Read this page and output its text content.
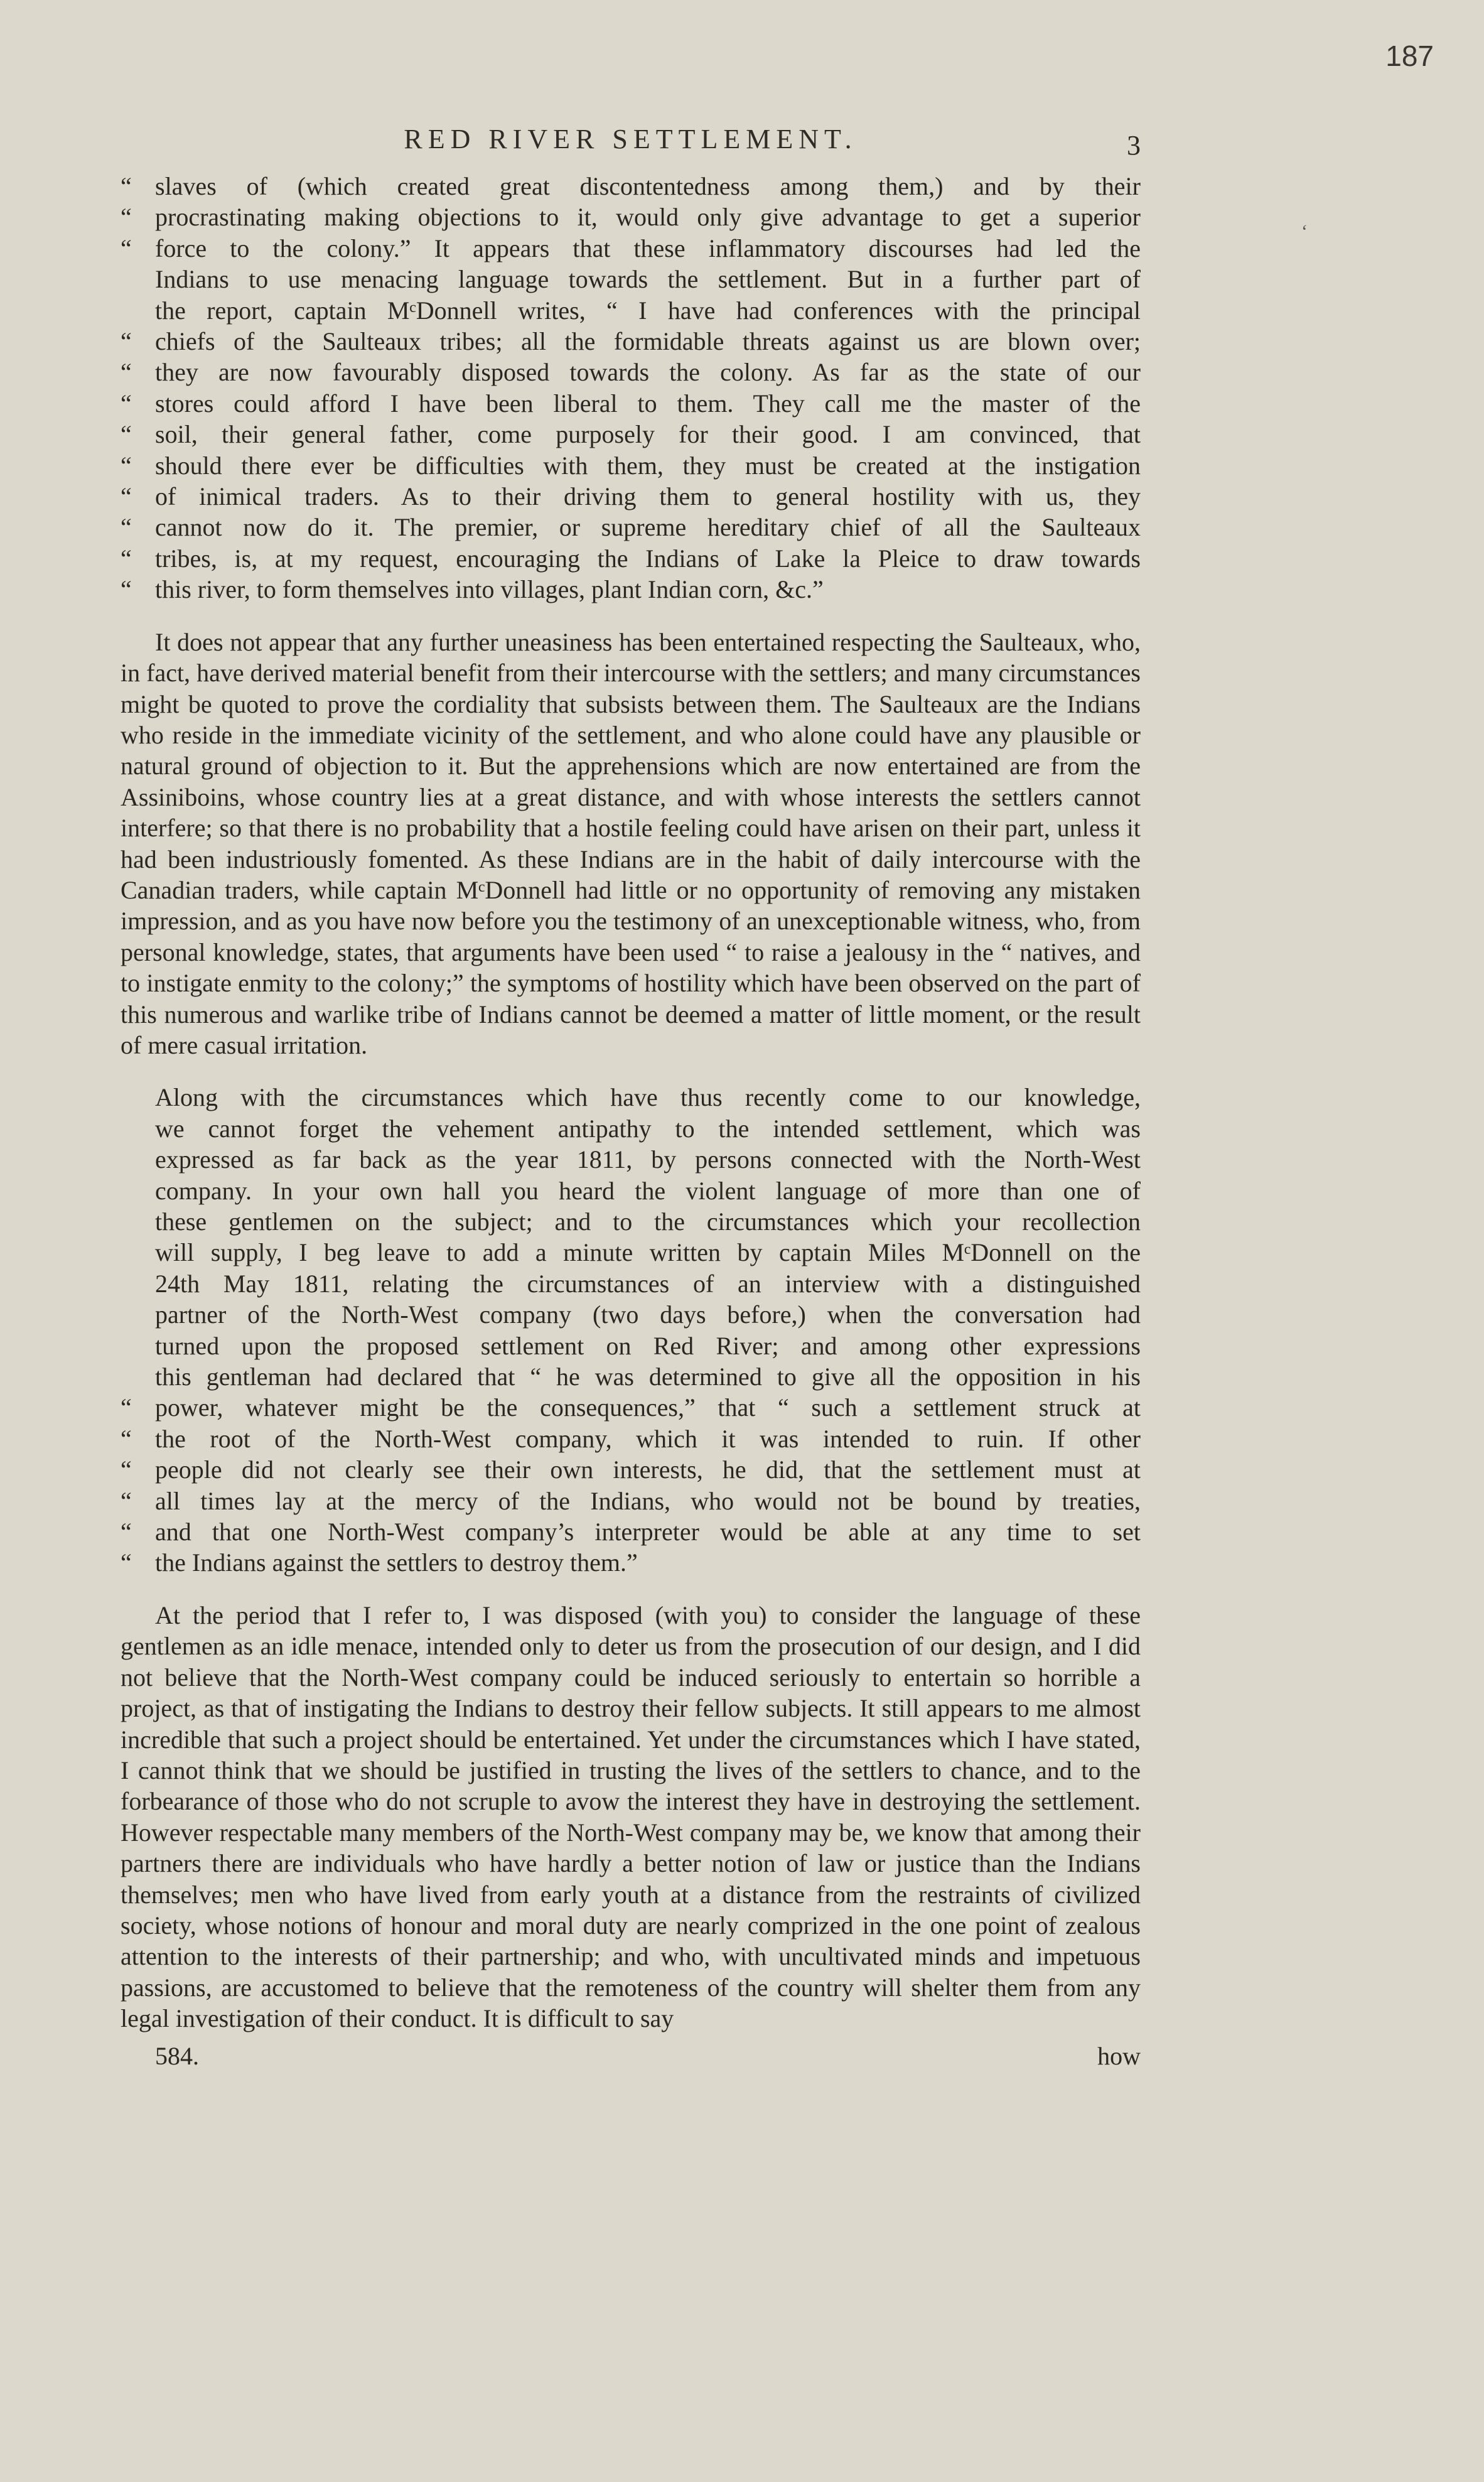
187
‘
RED RIVER SETTLEMENT.	3
“ slaves of (which created great discontentedness among them,) and by their
“ procrastinating making objections to it, would only give advantage to get a superior
“ force to the colony.” It appears that these inflammatory discourses had led the
Indians to use menacing language towards the settlement. But in a further part of
the report, captain MᶜDonnell writes, “ I have had conferences with the principal
“ chiefs of the Saulteaux tribes; all the formidable threats against us are blown over;
“ they are now favourably disposed towards the colony. As far as the state of our
“ stores could afford I have been liberal to them. They call me the master of the
“ soil, their general father, come purposely for their good. I am convinced, that
“ should there ever be difficulties with them, they must be created at the instigation
“ of inimical traders. As to their driving them to general hostility with us, they
“ cannot now do it. The premier, or supreme hereditary chief of all the Saulteaux
“ tribes, is, at my request, encouraging the Indians of Lake la Pleice to draw towards
“ this river, to form themselves into villages, plant Indian corn, &c.”

It does not appear that any further uneasiness has been entertained respecting the Saulteaux, who, in fact, have derived material benefit from their intercourse with the settlers; and many circumstances might be quoted to prove the cordiality that subsists between them. The Saulteaux are the Indians who reside in the immediate vicinity of the settlement, and who alone could have any plausible or natural ground of objection to it. But the apprehensions which are now entertained are from the Assiniboins, whose country lies at a great distance, and with whose interests the settlers cannot interfere; so that there is no probability that a hostile feeling could have arisen on their part, unless it had been industriously fomented. As these Indians are in the habit of daily intercourse with the Canadian traders, while captain MᶜDonnell had little or no opportunity of removing any mistaken impression, and as you have now before you the testimony of an unexceptionable witness, who, from personal knowledge, states, that arguments have been used “ to raise a jealousy in the “ natives, and to instigate enmity to the colony;” the symptoms of hostility which have been observed on the part of this numerous and warlike tribe of Indians cannot be deemed a matter of little moment, or the result of mere casual irritation.

Along with the circumstances which have thus recently come to our knowledge,
we cannot forget the vehement antipathy to the intended settlement, which was
expressed as far back as the year 1811, by persons connected with the North-West
company. In your own hall you heard the violent language of more than one of
these gentlemen on the subject; and to the circumstances which your recollection
will supply, I beg leave to add a minute written by captain Miles MᶜDonnell on the
24th May 1811, relating the circumstances of an interview with a distinguished
partner of the North-West company (two days before,) when the conversation had
turned upon the proposed settlement on Red River; and among other expressions
this gentleman had declared that “ he was determined to give all the opposition in his
“ power, whatever might be the consequences,” that “ such a settlement struck at
“ the root of the North-West company, which it was intended to ruin. If other
“ people did not clearly see their own interests, he did, that the settlement must at
“ all times lay at the mercy of the Indians, who would not be bound by treaties,
“ and that one North-West company’s interpreter would be able at any time to set
“ the Indians against the settlers to destroy them.”

At the period that I refer to, I was disposed (with you) to consider the language of these gentlemen as an idle menace, intended only to deter us from the prosecution of our design, and I did not believe that the North-West company could be induced seriously to entertain so horrible a project, as that of instigating the Indians to destroy their fellow subjects. It still appears to me almost incredible that such a project should be entertained. Yet under the circumstances which I have stated, I cannot think that we should be justified in trusting the lives of the settlers to chance, and to the forbearance of those who do not scruple to avow the interest they have in destroying the settlement. However respectable many members of the North-West company may be, we know that among their partners there are individuals who have hardly a better notion of law or justice than the Indians themselves; men who have lived from early youth at a distance from the restraints of civilized society, whose notions of honour and moral duty are nearly comprized in the one point of zealous attention to the interests of their partnership; and who, with uncultivated minds and impetuous passions, are accustomed to believe that the remoteness of the country will shelter them from any legal investigation of their conduct. It is difficult to say

584.	how
